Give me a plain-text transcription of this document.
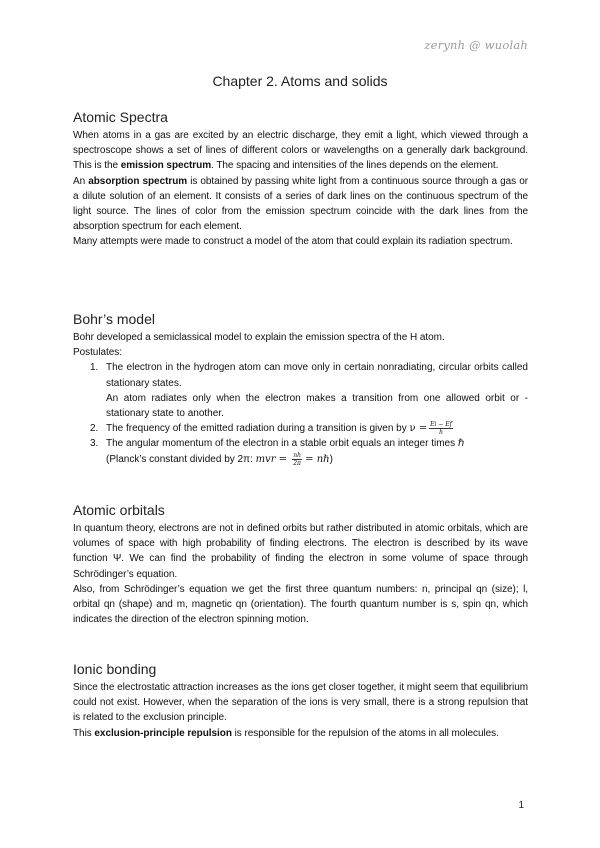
zerynh @ wuolah
Chapter 2. Atoms and solids
Atomic Spectra

When atoms in a gas are excited by an electric discharge, they emit a light, which viewed through a spectroscope shows a set of lines of different colors or wavelengths on a generally dark background. This is the emission spectrum. The spacing and intensities of the lines depends on the element.

An absorption spectrum is obtained by passing white light from a continuous source through a gas or a dilute solution of an element. It consists of a series of dark lines on the continuous spectrum of the light source. The lines of color from the emission spectrum coincide with the dark lines from the absorption spectrum for each element.

Many attempts were made to construct a model of the atom that could explain its radiation spectrum.

Bohr’s model

Bohr developed a semiclassical model to explain the emission spectra of the H atom.

Postulates:

1. The electron in the hydrogen atom can move only in certain nonradiating, circular orbits called stationary states.
An atom radiates only when the electron makes a transition from one allowed orbit or -stationary state to another.
2. The frequency of the emitted radiation during a transition is given by $\nu = \frac{Ei - Ef}{h}$
3. The angular momentum of the electron in a stable orbit equals an integer times ℏ
(Planck’s constant divided by 2π: mvr = $\frac{nh}{2\pi}$ = nℏ)
Atomic orbitals

In quantum theory, electrons are not in defined orbits but rather distributed in atomic orbitals, which are volumes of space with high probability of finding electrons. The electron is described by its wave function Ψ. We can find the probability of finding the electron in some volume of space through Schrödinger’s equation.

Also, from Schrödinger’s equation we get the first three quantum numbers: n, principal qn (size); l, orbital qn (shape) and m, magnetic qn (orientation). The fourth quantum number is s, spin qn, which indicates the direction of the electron spinning motion.

Ionic bonding

Since the electrostatic attraction increases as the ions get closer together, it might seem that equilibrium could not exist. However, when the separation of the ions is very small, there is a strong repulsion that is related to the exclusion principle.

This exclusion-principle repulsion is responsible for the repulsion of the atoms in all molecules.

1
